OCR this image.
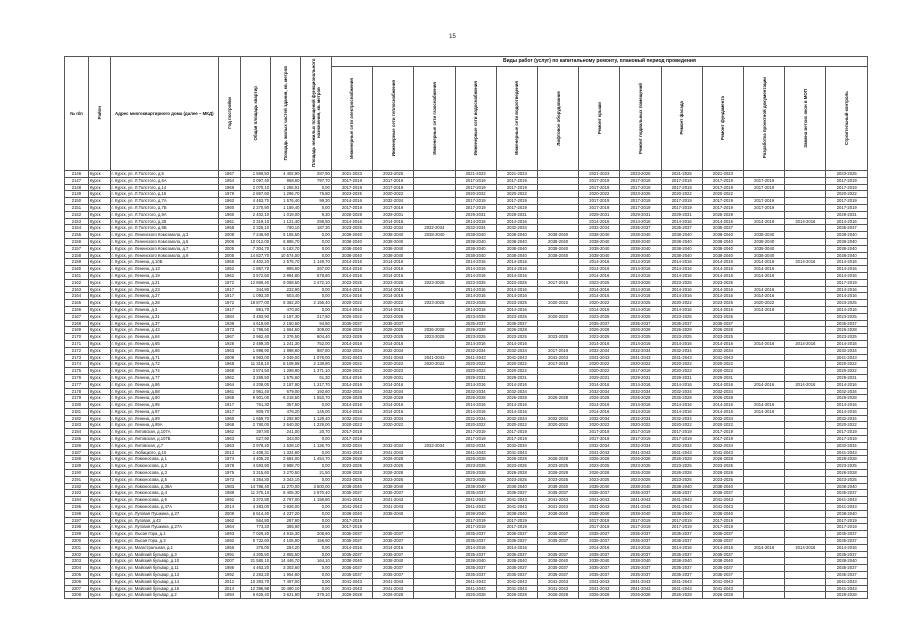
15
№ п/п	Район	Адрес многоквартирного дома (далее – МКД)	Год постройки	Общая площадь квартир	Площадь жилых частей здания, кв. метров	Площадь нежилых помещений функционального назначения, кв. метров	Виды работ (услуг) по капитальному ремонту, плановый период проведения												
							Инженерные сети электроснабжения	Инженерные сети теплоснабжения	Инженерные сети газоснабжения	Инженерные сети водоснабжения	Инженерные сети водоотведения	Лифтовое оборудование	Ремонт крыши	Ремонт подвальных помещений	Ремонт фасада	Ремонт фундамента	Разработка проектной документации	Замена ветхих окон в МОП	Строительный контроль
2146	Курск	г. Курск, ул. Л.Толстого, д.5	1967	1 569,50	4 402,90	287,90	2021-2023	2023-2025		2021-2023	2021-2023		2021-2023	2023-2025	2021-2025	2021-2023			2023-2025
2147	Курск	г. Курск, ул. Л.Толстого, д.6А	1954	2 097,40	958,60	797,70	2017-2019	2017-2019		2017-2019	2017-2019		2017-2019	2017-2019	2017-2019	2017-2019	2017-2019		2017-2019
2148	Курск	г. Курск, ул. Л.Толстого, д.14	1969	2 070,10	1 255,91	0,00	2017-2019	2017-2019		2017-2019	2017-2019		2017-2019	2017-2019	2017-2019	2017-2019	2017-2019		2017-2019
2149	Курск	г. Курск, ул. Л.Толстого, д.16	1979	2 867,60	1 296,70	76,80	2023-2025	2020-2022		2020-2022	2020-2022		2020-2022	2023-2025	2020-2022	2020-2022			2020-2022
2150	Курск	г. Курск, ул. Л.Толстого, д.7А	1962	4 463,70	1 576,40	99,30	2014-2016	2032-2034		2017-2019	2017-2019		2017-2019	2017-2019	2017-2019	2017-2019	2017-2019		2017-2019
2151	Курск	г. Курск, ул. Л.Толстого, д.7Б	1960	2 270,90	1 169,40	0,00	2017-2019	2017-2019		2017-2019	2017-2019		2017-2019	2017-2019	2017-2019	2017-2019	2017-2019		2017-2019
2152	Курск	г. Курск, ул. Л.Толстого, д.9А	1960	2 402,10	1 019,00	9,30	2026-2028	2029-2031		2029-2031	2029-2031		2029-2031	2029-2031	2029-2031	2026-2028			2029-2031
2153	Курск	г. Курск, ул. Л.Толстого, д.28	1961	2 319,10	1 121,40	296,50	2014-2016	2014-2016		2014-2016	2014-2016		2014-2016	2014-2016	2014-2016	2014-2016	2014-2016	2014-2016	2014-2016
2154	Курск	г. Курск, ул. Л.Толстого, д.9Б	1958	2 325,10	760,10	187,30	2023-2025	2032-2034	2032-2034	2032-2034	2032-2034		2032-2034	2035-2037	2035-2037	2035-2037			2035-2037
2155	Курск	г. Курск, ул. Ленинского Комсомола, д.3	2008	7 246,90	5 155,50	0,00	2038-2040	2038-2040	2038-2040	2038-2040	2038-2040	2038-2040	2038-2040	2038-2040	2038-2040	2038-2040	2038-2040		2038-2040
2156	Курск	г. Курск, ул. Ленинского Комсомола, д.5	2006	10 012,00	6 886,70	0,00	2038-2040	2038-2040		2038-2040	2038-2040	2038-2040	2038-2040	2038-2040	2038-2040	2038-2040	2038-2040		2038-2040
2157	Курск	г. Курск, ул. Ленинского Комсомола, д.7	2005	7 304,70	5 183,70	0,00	2038-2040	2038-2040		2038-2040	2038-2040	2038-2040	2038-2040	2038-2040	2038-2040	2038-2040	2038-2040		2038-2040
2158	Курск	г. Курск, ул. Ленинского Комсомола, д.9	2005	14 827,70	10 574,00	0,00	2038-2040	2038-2040		2038-2040	2038-2040	2038-2040	2038-2040	2038-2040	2038-2040	2038-2040	2038-2040		2038-2040
2159	Курск	г. Курск, ул. Ленина, д.10Б	1955	4 402,20	2 576,70	1 149,70	2014-2016	2014-2016		2014-2016	2014-2016		2014-2016	2014-2016	2014-2016	2014-2016	2014-2016	2014-2016	2014-2016
2160	Курск	г. Курск, ул. Ленина, д.13	1952	1 857,70	895,60	267,00	2014-2016	2014-2016		2014-2016	2014-2016		2014-2016	2014-2016	2014-2016	2014-2016	2014-2016		2014-2016
2161	Курск	г. Курск, ул. Ленина, д.19	1962	3 572,60	2 994,80	578,80	2014-2016	2014-2016		2014-2016	2014-2016		2014-2016	2014-2016	2014-2016	2014-2016	2014-2016		2014-2016
2162	Курск	г. Курск, ул. Ленина, д.21	1972	12 869,40	9 058,50	2 472,10	2023-2025	2023-2025	2023-2025	2023-2025	2023-2025	2017-2019	2023-2025	2023-2025	2023-2025	2023-2025			2017-2019
2163	Курск	г. Курск, ул. Ленина, д.23	1917	344,90	232,90	0,00	2014-2016	2014-2016		2014-2016	2014-2016		2014-2016	2014-2016	2014-2016	2014-2016	2014-2016		2014-2016
2164	Курск	г. Курск, ул. Ленина, д.27	1917	1 093,30	603,40	0,00	2014-2016	2014-2016		2014-2016	2014-2016		2014-2016	2014-2016	2014-2016	2014-2016	2014-2016		2014-2016
2165	Курск	г. Курск, ул. Ленина, д.28	1972	18 877,00	8 382,20	2 155,40	2020-2022	2020-2022	2023-2025	2023-2025	2023-2025	2020-2022	2020-2022	2023-2025	2020-2022	2023-2025	2020-2022		2023-2025
2166	Курск	г. Курск, ул. Ленина, д.3	1917	891,70	470,00	0,00	2014-2016	2014-2016		2014-2016	2014-2016		2014-2016	2014-2016	2014-2016	2014-2016	2014-2016		2014-2016
2167	Курск	г. Курск, ул. Ленина, д.31	1984	3 483,90	3 187,30	217,60	2020-2022	2023-2025		2023-2025	2023-2025	2020-2022	2023-2025	2023-2025	2023-2025	2023-2025			2023-2025
2168	Курск	г. Курск, ул. Ленина, д.37	1939	4 619,60	2 150,50	94,50	2035-2037	2035-2037		2035-2037	2035-2037		2035-2037	2035-2037	2035-2037	2035-2037			2035-2037
2169	Курск	г. Курск, ул. Ленина, д.43	1973	1 796,50	1 664,50	309,00	2026-2028	2026-2028	2026-2028	2026-2028	2026-2028		2026-2028	2026-2028	2026-2028	2026-2028			2026-2028
2170	Курск	г. Курск, ул. Ленина, д.64	1967	2 962,40	2 376,50	604,40	2023-2025	2023-2025	2023-2025	2023-2025	2023-2025	2023-2025	2023-2025	2023-2025	2023-2025	2023-2025			2023-2025
2171	Курск	г. Курск, ул. Ленина, д.65	1928	2 489,30	1 241,30	752,00	2014-2016	2014-2016		2014-2016	2014-2016		2014-2016	2014-2016	2014-2016	2014-2016	2014-2016	2014-2016	2014-2016
2172	Курск	г. Курск, ул. Ленина, д.66	1963	1 998,90	1 998,60	887,80	2032-2034	2032-2034		2032-2034	2032-2034	2017-2019	2032-2034	2032-2034	2032-2034	2032-2034			2032-2034
2173	Курск	г. Курск, ул. Ленина, д.71	2009	6 993,00	2 049,00	1 076,00	2041-2043	2041-2043	2041-2043	2041-2043	2041-2043	2041-2043	2041-2043	2041-2043	2041-2043	2041-2043			2041-2043
2174	Курск	г. Курск, ул. Ленина, д.72	1968	11 318,10	8 108,98	2 138,80	2020-2022	2020-2022	2020-2022	2020-2022	2020-2022	2017-2019	2020-2022	2020-2022	2020-2022	2020-2022			2020-2022
2175	Курск	г. Курск, ул. Ленина, д.74	1968	2 874,50	1 289,90	1 371,10	2020-2022	2020-2022		2020-2022	2020-2022		2020-2022	2017-2019	2020-2022	2020-2022			2020-2022
2176	Курск	г. Курск, ул. Ленина, д.77	1962	3 269,50	1 575,60	61,30	2014-2016	2029-2031		2029-2031	2029-2031		2029-2031	2029-2031	2029-2031	2029-2031			2029-2031
2177	Курск	г. Курск, ул. Ленина, д.86	1964	4 208,00	2 187,90	1 217,70	2014-2016	2014-2016		2014-2016	2014-2016		2014-2016	2014-2016	2014-2016	2014-2016	2014-2016	2014-2016	2014-2016
2178	Курск	г. Курск, ул. Ленина, д.88	1961	2 961,40	679,00	192,60	2032-2034	2032-2034		2032-2034	2032-2034		2032-2034	2032-2034	2032-2034	2032-2034			2032-2034
2179	Курск	г. Курск, ул. Ленина, д.90	1968	9 901,00	6 218,50	1 553,70	2026-2028	2026-2028		2026-2028	2026-2028	2026-2028	2026-2028	2026-2028	2026-2028	2026-2028			2026-2028
2180	Курск	г. Курск, ул. Ленина, д.95	1917	761,30	357,50	0,00	2014-2016	2014-2016		2014-2016	2014-2016		2014-2016	2014-2016	2014-2016	2014-2016	2014-2016		2014-2016
2181	Курск	г. Курск, ул. Ленина, д.97	1917	809,70	476,20	145,00	2014-2016	2014-2016		2014-2016	2014-2016		2014-2016	2014-2016	2014-2016	2014-2016	2014-2016		2014-2016
2182	Курск	г. Курск, ул. Ленина, д.99	1960	1 659,70	1 292,90	1 129,40	2032-2034	2032-2034		2032-2034	2032-2034	2032-2034	2032-2034	2032-2034	2032-2034	2032-2034			2032-2034
2183	Курск	г. Курск, ул. Ленина, д.99А	1968	2 780,00	2 540,00	1 229,00	2020-2022	2020-2022		2020-2022	2020-2022	2020-2022	2020-2022	2020-2022	2020-2022	2020-2022			2020-2022
2184	Курск	г. Курск, ул. Литовская, д.107А	1962	397,80	241,00	20,70	2017-2019			2017-2019	2017-2019		2017-2019	2017-2019	2017-2019	2017-2019			2017-2019
2185	Курск	г. Курск, ул. Литовская, д.107Б	1963	527,90	343,00	0,00	2017-2019			2017-2019	2017-2019		2017-2019	2017-2019	2017-2019	2017-2019			2017-2019
2186	Курск	г. Курск, ул. Литовская, д.7	1963	2 978,40	1 528,10	1 126,70	2032-2034	2032-2034	2032-2034	2032-2034	2032-2034		2032-2034	2032-2034	2032-2034	2032-2034			2032-2034
2187	Курск	г. Курск, ул. Любацкого, д.10	2013	1 408,31	1 324,60	0,00	2041-2043	2041-2043		2041-2043	2041-2043		2041-2043	2041-2043	2041-2043	2041-2043			2041-2043
2188	Курск	г. Курск, ул. Ломоносова, д.1	1974	4 405,20	2 684,00	1 454,70	2026-2028	2026-2028		2026-2028	2026-2028	2026-2028	2026-2028	2026-2028	2026-2028	2026-2028			2026-2028
2189	Курск	г. Курск, ул. Ломоносова, д.2	1978	4 593,90	3 988,70	0,00	2023-2025	2023-2025		2023-2025	2023-2025	2023-2025	2023-2025	2023-2025	2023-2025	2023-2025			2023-2025
2190	Курск	г. Курск, ул. Ломоносова, д.3	1975	3 315,60	3 270,50	21,50	2026-2028	2026-2028		2026-2028	2026-2028	2026-2028	2026-2028	2026-2028	2026-2028	2026-2028			2026-2028
2191	Курск	г. Курск, ул. Ломоносова, д.5	1973	4 354,30	3 343,10	0,00	2023-2025	2023-2025		2023-2025	2023-2025	2023-2025	2023-2025	2023-2025	2023-2025	2023-2025			2023-2025
2192	Курск	г. Курск, ул. Ломоносова, д.36А	1983	14 788,40	11 270,00	3 500,00	2038-2040	2038-2040		2038-2040	2038-2040	2038-2040	2038-2040	2038-2040	2038-2040	2038-2040			2038-2040
2193	Курск	г. Курск, ул. Ломоносова, д.4	1989	11 375,10	8 405,30	2 970,40	2035-2037	2035-2037		2035-2037	2035-2037	2035-2037	2035-2037	2035-2037	2035-2037	2035-2037			2035-2037
2194	Курск	г. Курск, ул. Ломоносова, д.6	1992	3 372,80	2 767,00	1 158,80	2041-2043	2041-2043		2041-2043	2041-2043	2041-2043	2041-2043	2041-2043	2041-2043	2041-2043			2041-2043
2195	Курск	г. Курск, ул. Ломоносова, д.47А	2014	4 283,00	3 926,00	0,00	2041-2043	2041-2043		2041-2043	2041-2043	2041-2043	2041-2043	2041-2043	2041-2043	2041-2043			2041-2043
2196	Курск	г. Курск, ул. Луговая Пушкина, д.27	2009	6 514,40	4 237,20	0,00	2038-2040	2038-2040		2038-2040	2038-2040	2038-2040	2038-2040	2038-2040	2038-2040	2038-2040			2038-2040
2197	Курск	г. Курск, ул. Луговая, д.43	1962	564,80	287,60	0,00	2017-2019			2017-2019	2017-2019		2017-2019	2017-2019	2017-2019	2017-2019			2017-2019
2198	Курск	г. Курск, ул. Луговая Пушкина, д.27А	1964	773,20	385,90	0,00	2017-2019			2017-2019	2017-2019		2017-2019	2017-2019	2017-2019	2017-2019			2017-2019
2199	Курск	г. Курск, ул. Лысая Гора, д.1	1993	7 029,40	4 915,30	206,60	2035-2037	2035-2037		2035-2037	2035-2037	2035-2037	2035-2037	2035-2037	2035-2037	2035-2037			2035-2037
2200	Курск	г. Курск, ул. Лысая Гора, д.3	1992	5 732,60	4 105,80	156,90	2035-2037	2035-2037		2035-2037	2035-2037	2035-2037	2035-2037	2035-2037	2035-2037	2035-2037			2035-2037
2201	Курск	г. Курск, ул. Магистральная, д.1	1956	375,00	264,20	0,00	2014-2016	2014-2016		2014-2016	2014-2016		2014-2016	2014-2016	2014-2016	2014-2016	2014-2016	2014-2016	2014-2016
2202	Курск	г. Курск, ул. Майский бульвар, д.3	1991	4 305,50	2 855,50	0,00	2035-2037	2035-2037		2035-2037	2035-2037	2035-2037	2035-2037	2035-2037	2035-2037	2035-2037			2035-2037
2203	Курск	г. Курск, ул. Майский бульвар, д.10	2007	21 580,10	14 446,70	164,10	2038-2040	2038-2040		2038-2040	2038-2040	2038-2040	2038-2040	2038-2040	2038-2040	2038-2040			2038-2040
2204	Курск	г. Курск, ул. Майский бульвар, д.11	1986	4 463,20	3 303,60	0,00	2035-2037	2035-2037		2035-2037	2035-2037	2035-2037	2035-2037	2035-2037	2035-2037	2035-2037			2035-2037
2205	Курск	г. Курск, ул. Майский бульвар, д.13	1992	2 263,20	1 954,60	0,00	2035-2037	2035-2037		2035-2037	2035-2037	2035-2037	2035-2037	2035-2037	2035-2037	2035-2037			2035-2037
2206	Курск	г. Курск, ул. Майский бульвар, д.14	2012	10 393,70	7 497,00	0,00	2041-2043	2041-2043		2041-2043	2041-2043	2041-2043	2041-2043	2041-2043	2041-2043	2041-2043			2041-2043
2207	Курск	г. Курск, ул. Майский бульвар, д.15	2014	12 396,98	10 490,10	0,00	2041-2043	2041-2043		2041-2043	2041-2043	2041-2043	2041-2043	2041-2043	2041-2043	2041-2043			2041-2043
2208	Курск	г. Курск, ул. Майский бульвар, д.2	1994	6 625,40	3 621,90	379,10	2026-2028	2026-2028		2026-2028	2026-2028	2026-2028	2026-2028	2026-2028	2026-2028	2026-2028			2026-2028
